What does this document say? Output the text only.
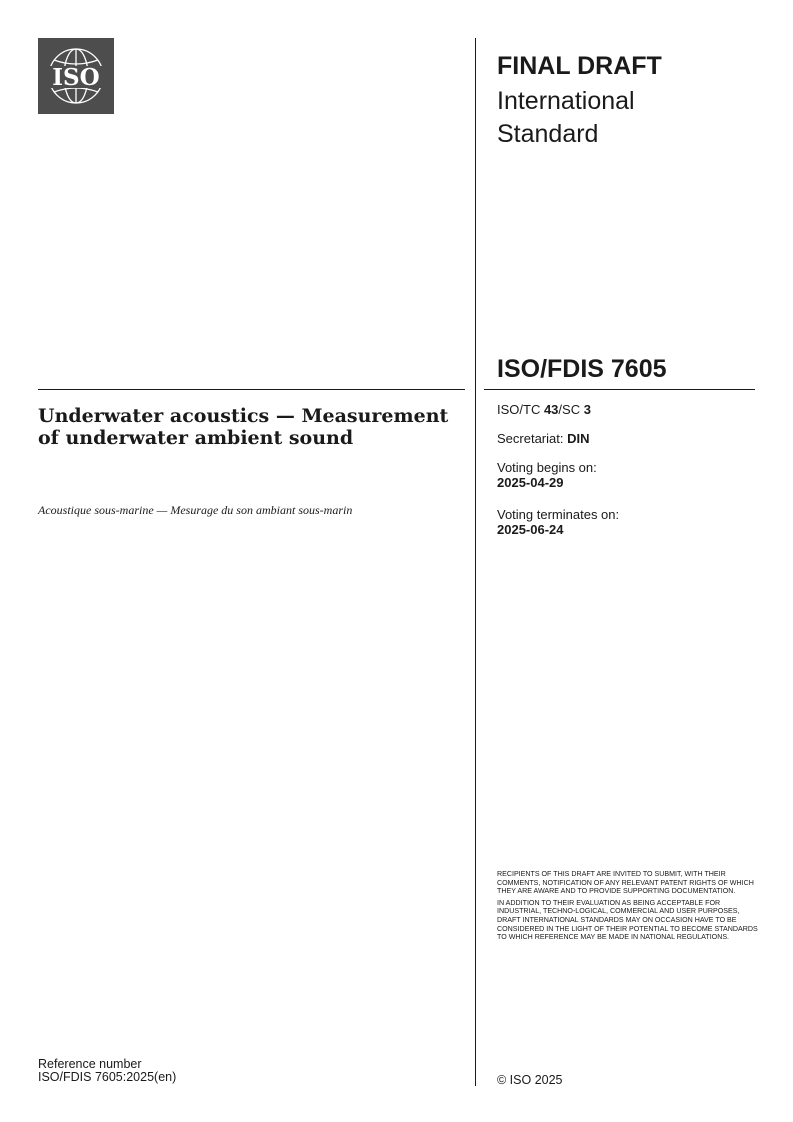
ISO	FINAL DRAFT
International
Standard
ISO/FDIS 7605
Underwater acoustics — Measurement of underwater ambient sound
Acoustique sous-marine — Mesurage du son ambiant sous-marin
ISO/TC 43/SC 3
Secretariat: DIN
Voting begins on:
2025-04-29
Voting terminates on:
2025-06-24

RECIPIENTS OF THIS DRAFT ARE INVITED TO SUBMIT, WITH THEIR COMMENTS, NOTIFICATION OF ANY RELEVANT PATENT RIGHTS OF WHICH THEY ARE AWARE AND TO PROVIDE SUPPORTING DOCUMENTATION.

IN ADDITION TO THEIR EVALUATION AS BEING ACCEPTABLE FOR INDUSTRIAL, TECHNO-LOGICAL, COMMERCIAL AND USER PURPOSES, DRAFT INTERNATIONAL STANDARDS MAY ON OCCASION HAVE TO BE CONSIDERED IN THE LIGHT OF THEIR POTENTIAL TO BECOME STANDARDS TO WHICH REFERENCE MAY BE MADE IN NATIONAL REGULATIONS.

Reference number
ISO/FDIS 7605:2025(en)	© ISO 2025
